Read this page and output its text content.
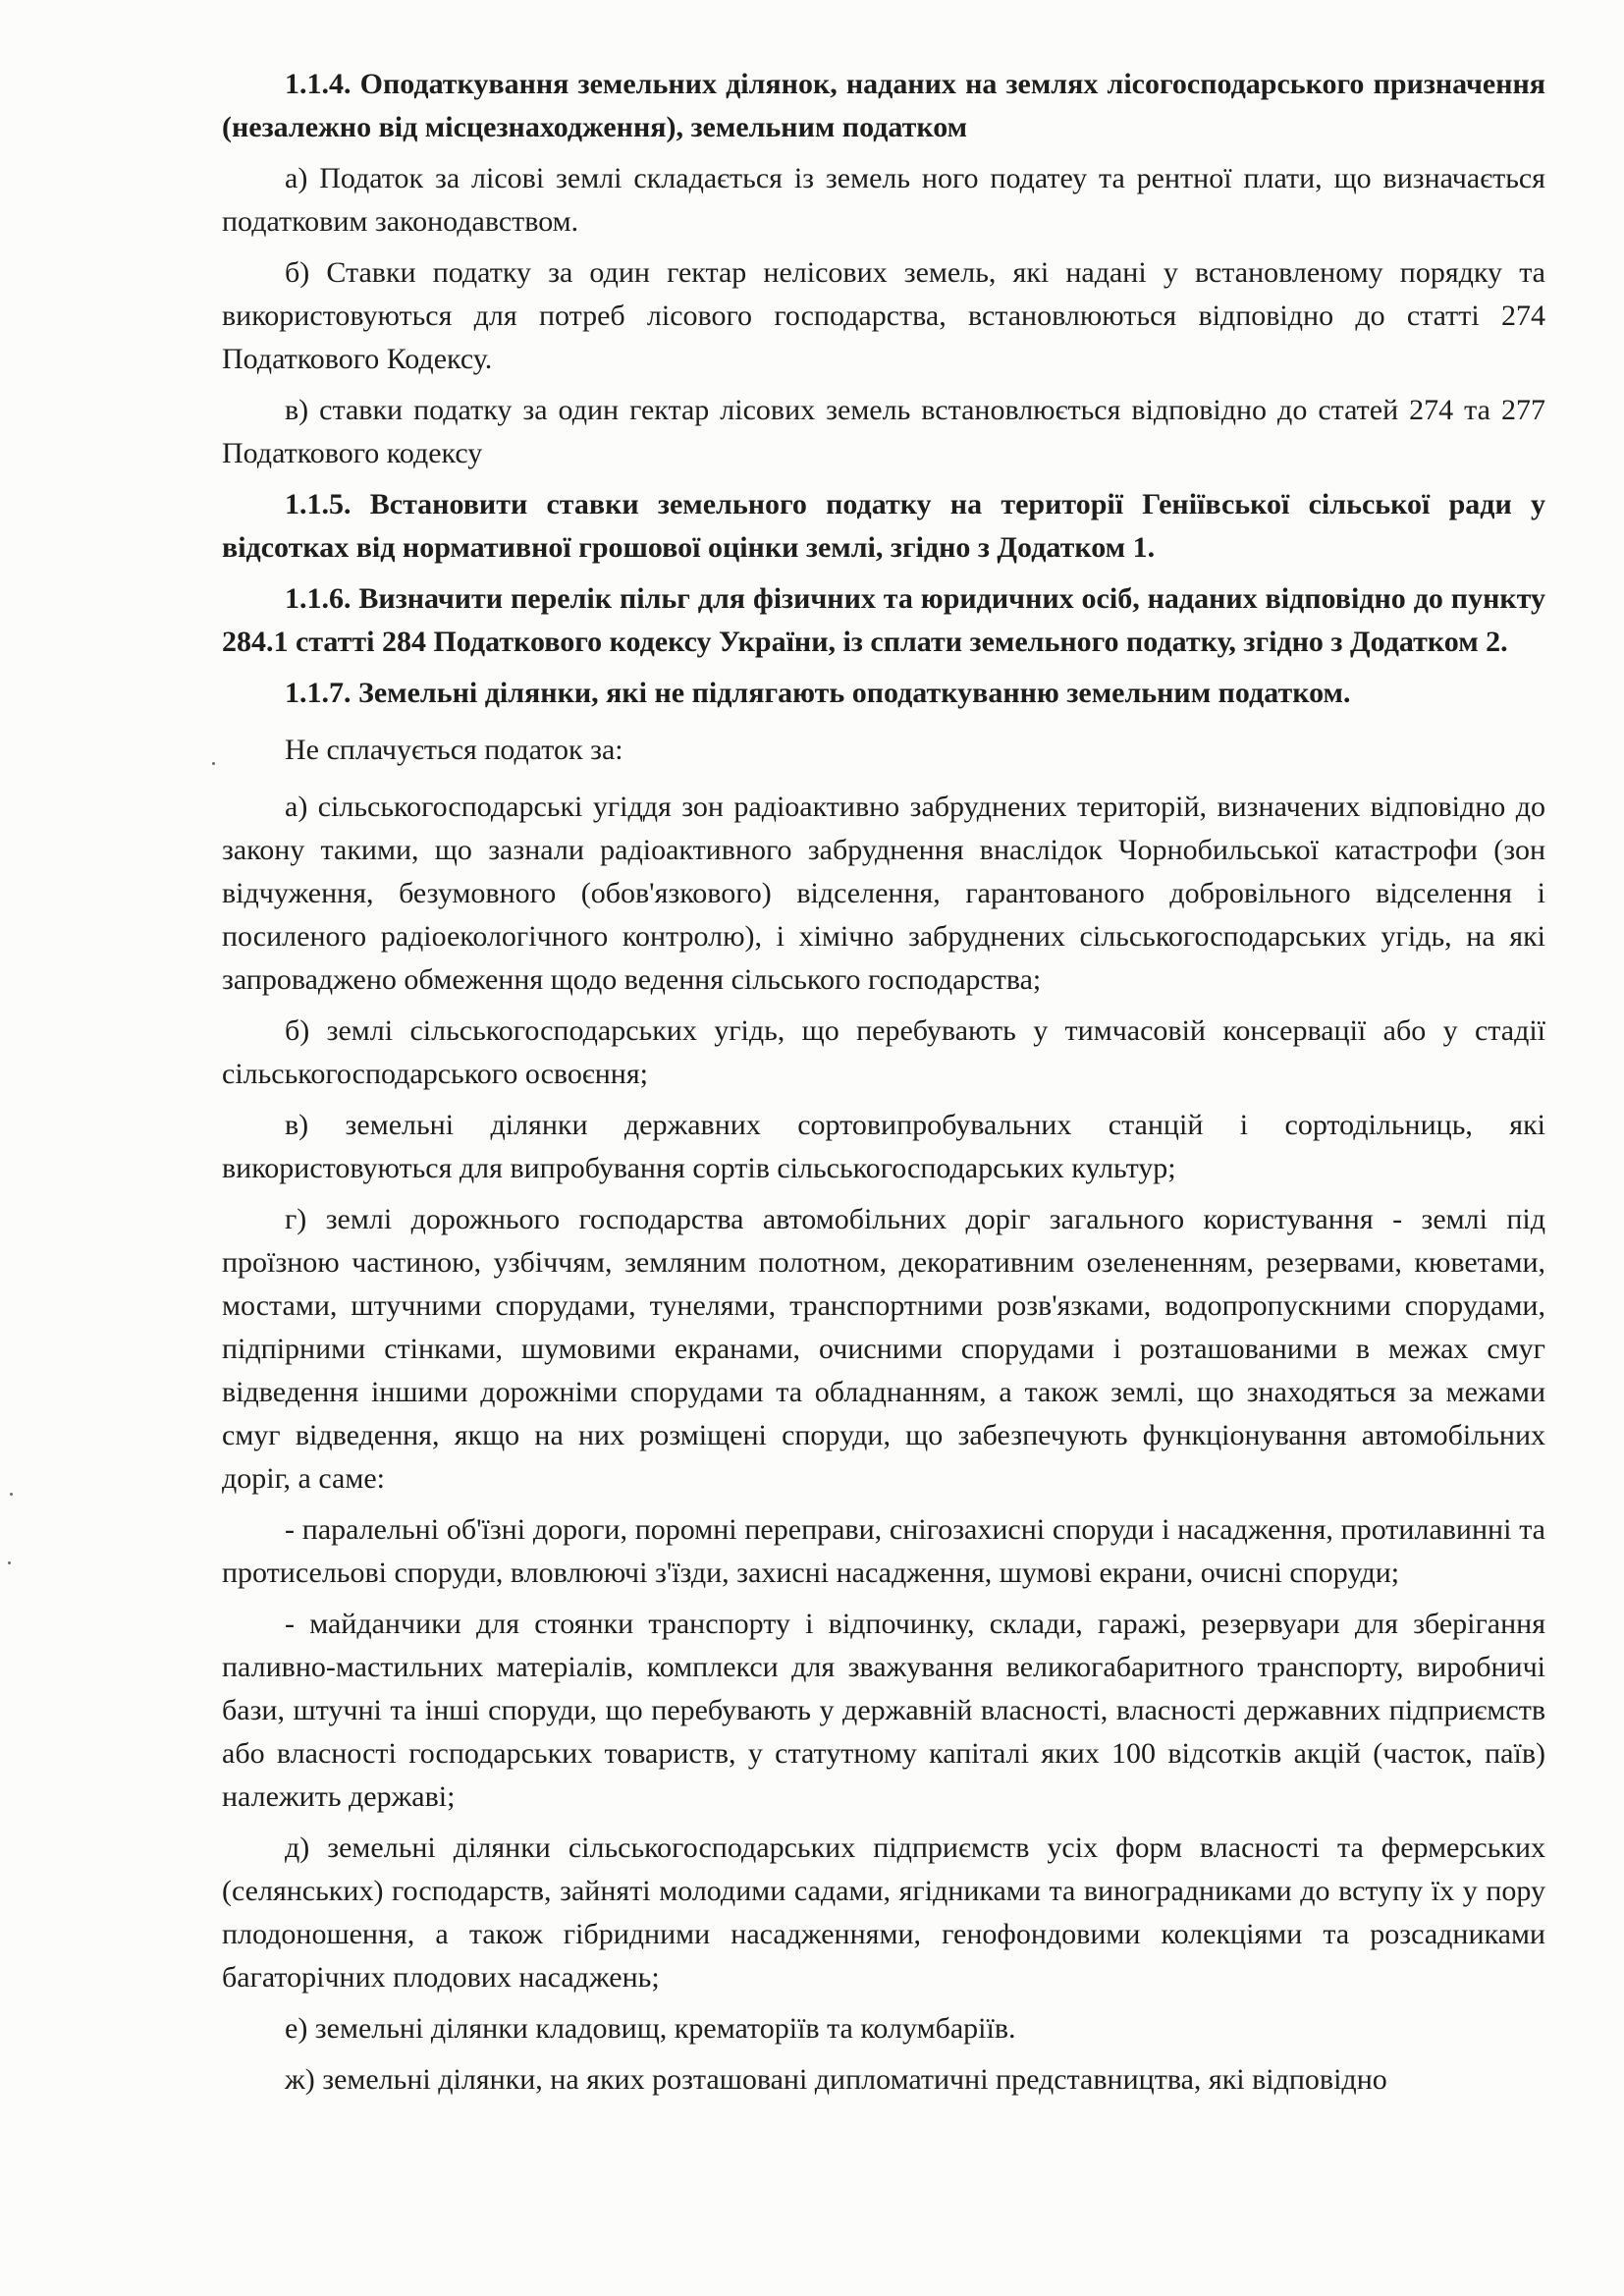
1.1.4. Оподаткування земельних ділянок, наданих на землях лісогосподарського призначення (незалежно від місцезнаходження), земельним податком

а) Податок за лісові землі складається із земель ного податеу та рентної плати, що визначається податковим законодавством.

б) Ставки податку за один гектар нелісових земель, які надані у встановленому порядку та використовуються для потреб лісового господарства, встановлюються відповідно до статті 274 Податкового Кодексу.

в) ставки податку за один гектар лісових земель встановлюється відповідно до статей 274 та 277 Податкового кодексу

1.1.5. Встановити ставки земельного податку на території Геніївської сільської ради у відсотках від нормативної грошової оцінки землі, згідно з Додатком 1.

1.1.6. Визначити перелік пільг для фізичних та юридичних осіб, наданих відповідно до пункту 284.1 статті 284 Податкового кодексу України, із сплати земельного податку, згідно з Додатком 2.

1.1.7. Земельні ділянки, які не підлягають оподаткуванню земельним податком.

Не сплачується податок за:

а) сільськогосподарські угіддя зон радіоактивно забруднених територій, визначених відповідно до закону такими, що зазнали радіоактивного забруднення внаслідок Чорнобильської катастрофи (зон відчуження, безумовного (обов'язкового) відселення, гарантованого добровільного відселення і посиленого радіоекологічного контролю), і хімічно забруднених сільськогосподарських угідь, на які запроваджено обмеження щодо ведення сільського господарства;

б) землі сільськогосподарських угідь, що перебувають у тимчасовій консервації або у стадії сільськогосподарського освоєння;

в) земельні ділянки державних сортовипробувальних станцій і сортодільниць, які використовуються для випробування сортів сільськогосподарських культур;

г) землі дорожнього господарства автомобільних доріг загального користування - землі під проїзною частиною, узбіччям, земляним полотном, декоративним озелененням, резервами, кюветами, мостами, штучними спорудами, тунелями, транспортними розв'язками, водопропускними спорудами, підпірними стінками, шумовими екранами, очисними спорудами і розташованими в межах смуг відведення іншими дорожніми спорудами та обладнанням, а також землі, що знаходяться за межами смуг відведення, якщо на них розміщені споруди, що забезпечують функціонування автомобільних доріг, а саме:

- паралельні об'їзні дороги, поромні переправи, снігозахисні споруди і насадження, протилавинні та протисельові споруди, вловлюючі з'їзди, захисні насадження, шумові екрани, очисні споруди;

- майданчики для стоянки транспорту і відпочинку, склади, гаражі, резервуари для зберігання паливно-мастильних матеріалів, комплекси для зважування великогабаритного транспорту, виробничі бази, штучні та інші споруди, що перебувають у державній власності, власності державних підприємств або власності господарських товариств, у статутному капіталі яких 100 відсотків акцій (часток, паїв) належить державі;

д) земельні ділянки сільськогосподарських підприємств усіх форм власності та фермерських (селянських) господарств, зайняті молодими садами, ягідниками та виноградниками до вступу їх у пору плодоношення, а також гібридними насадженнями, генофондовими колекціями та розсадниками багаторічних плодових насаджень;

е) земельні ділянки кладовищ, крематоріїв та колумбаріїв.

ж) земельні ділянки, на яких розташовані дипломатичні представництва, які відповідно
